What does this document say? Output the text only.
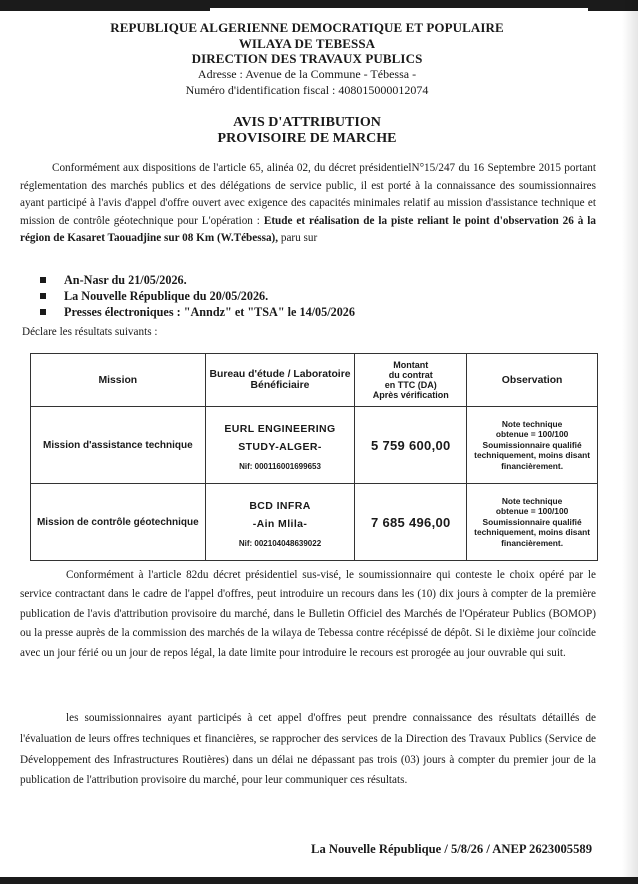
REPUBLIQUE ALGERIENNE DEMOCRATIQUE ET POPULAIRE
WILAYA DE TEBESSA
DIRECTION DES TRAVAUX PUBLICS
Adresse : Avenue de la Commune - Tébessa -
Numéro d'identification fiscal : 408015000012074
AVIS D'ATTRIBUTION
PROVISOIRE DE MARCHE
Conformément aux dispositions de l'article 65, alinéa 02, du décret présidentielN°15/247 du 16 Septembre 2015 portant réglementation des marchés publics et des délégations de service public, il est porté à la connaissance des soumissionnaires ayant participé à l'avis d'appel d'offre ouvert avec exigence des capacités minimales relatif au mission d'assistance technique et mission de contrôle géotechnique pour L'opération : Etude et réalisation de la piste reliant le point d'observation 26 à la région de Kasaret Taouadjine sur 08 Km (W.Tébessa), paru sur
An-Nasr du 21/05/2026.
La Nouvelle République du 20/05/2026.
Presses électroniques : "Anndz" et "TSA" le 14/05/2026
Déclare les résultats suivants :
Mission	Bureau d'étude / Laboratoire Bénéficiaire	Montant
du contrat
en TTC (DA)
Après vérification	Observation
Mission d'assistance technique	EURL ENGINEERING
STUDY-ALGER-
Nif: 000116001699653	5 759 600,00	Note technique
obtenue = 100/100
Soumissionnaire qualifié techniquement, moins disant financièrement.

Mission de contrôle géotechnique	BCD INFRA
-Ain Mlila-
Nif: 002104048639022	7 685 496,00	Note technique
obtenue = 100/100
Soumissionnaire qualifié techniquement, moins disant financièrement.
Conformément à l'article 82du décret présidentiel sus-visé, le soumissionnaire qui conteste le choix opéré par le service contractant dans le cadre de l'appel d'offres, peut introduire un recours dans les (10) dix jours à compter de la première publication de l'avis d'attribution provisoire du marché, dans le Bulletin Officiel des Marchés de l'Opérateur Publics (BOMOP) ou la presse auprès de la commission des marchés de la wilaya de Tebessa contre récépissé de dépôt. Si le dixième jour coïncide avec un jour férié ou un jour de repos légal, la date limite pour introduire le recours est prorogée au jour ouvrable qui suit.
les soumissionnaires ayant participés à cet appel d'offres peut prendre connaissance des résultats détaillés de l'évaluation de leurs offres techniques et financières, se rapprocher des services de la Direction des Travaux Publics (Service de Développement des Infrastructures Routières) dans un délai ne dépassant pas trois (03) jours à compter du premier jour de la publication de l'attribution provisoire du marché, pour leur communiquer ces résultats.
La Nouvelle République / 5/8/26 / ANEP 2623005589
